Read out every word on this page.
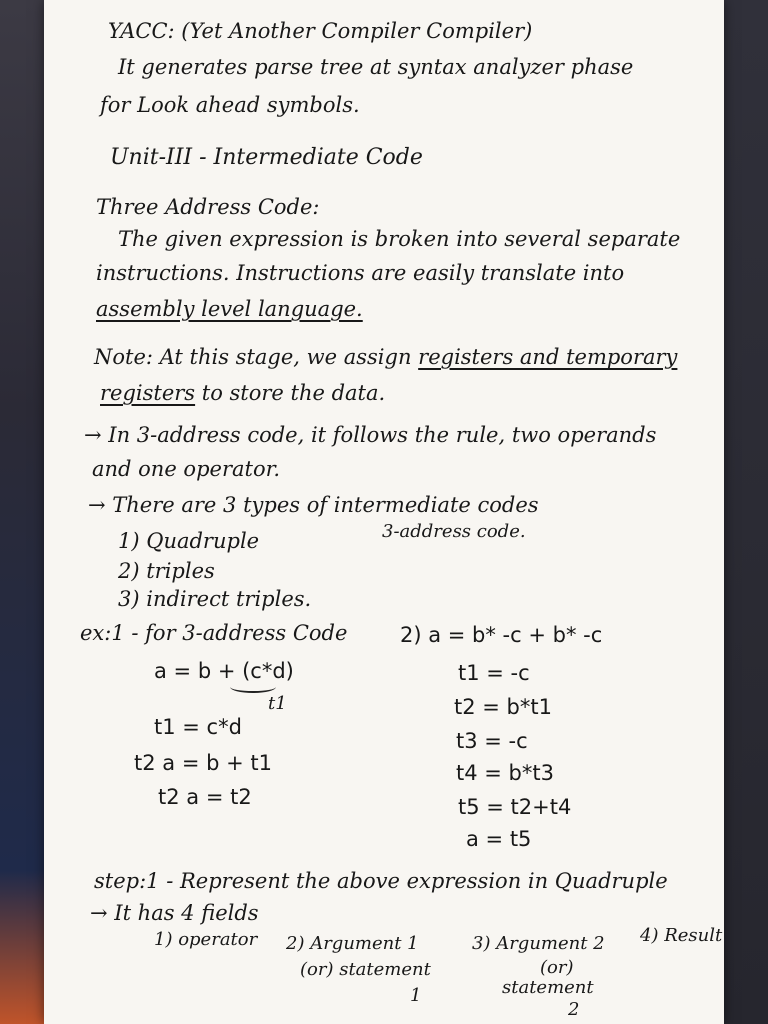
YACC: (Yet Another Compiler Compiler)
It generates parse tree at syntax analyzer phase
for Look ahead symbols.
Unit-III - Intermediate Code
Three Address Code:
The given expression is broken into several separate
instructions. Instructions are easily translate into
assembly level language.
Note: At this stage, we assign registers and temporary
registers to store the data.
→ In 3-address code, it follows the rule, two operands
and one operator.
→ There are 3 types of intermediate codes
3-address code.
1) Quadruple
2) triples
3) indirect triples.
ex:1 - for 3-address Code
a = b + (c*d)
t1
t1 = c*d
t2 a = b + t1
t2 a = t2
2) a = b* -c + b* -c
t1 = -c
t2 = b*t1
t3 = -c
t4 = b*t3
t5 = t2+t4
a = t5
step:1 - Represent the above expression in Quadruple
→ It has 4 fields
1) operator 2) Argument 1
(or) statement
1
3) Argument 2 4) Result
(or)
statement
2
